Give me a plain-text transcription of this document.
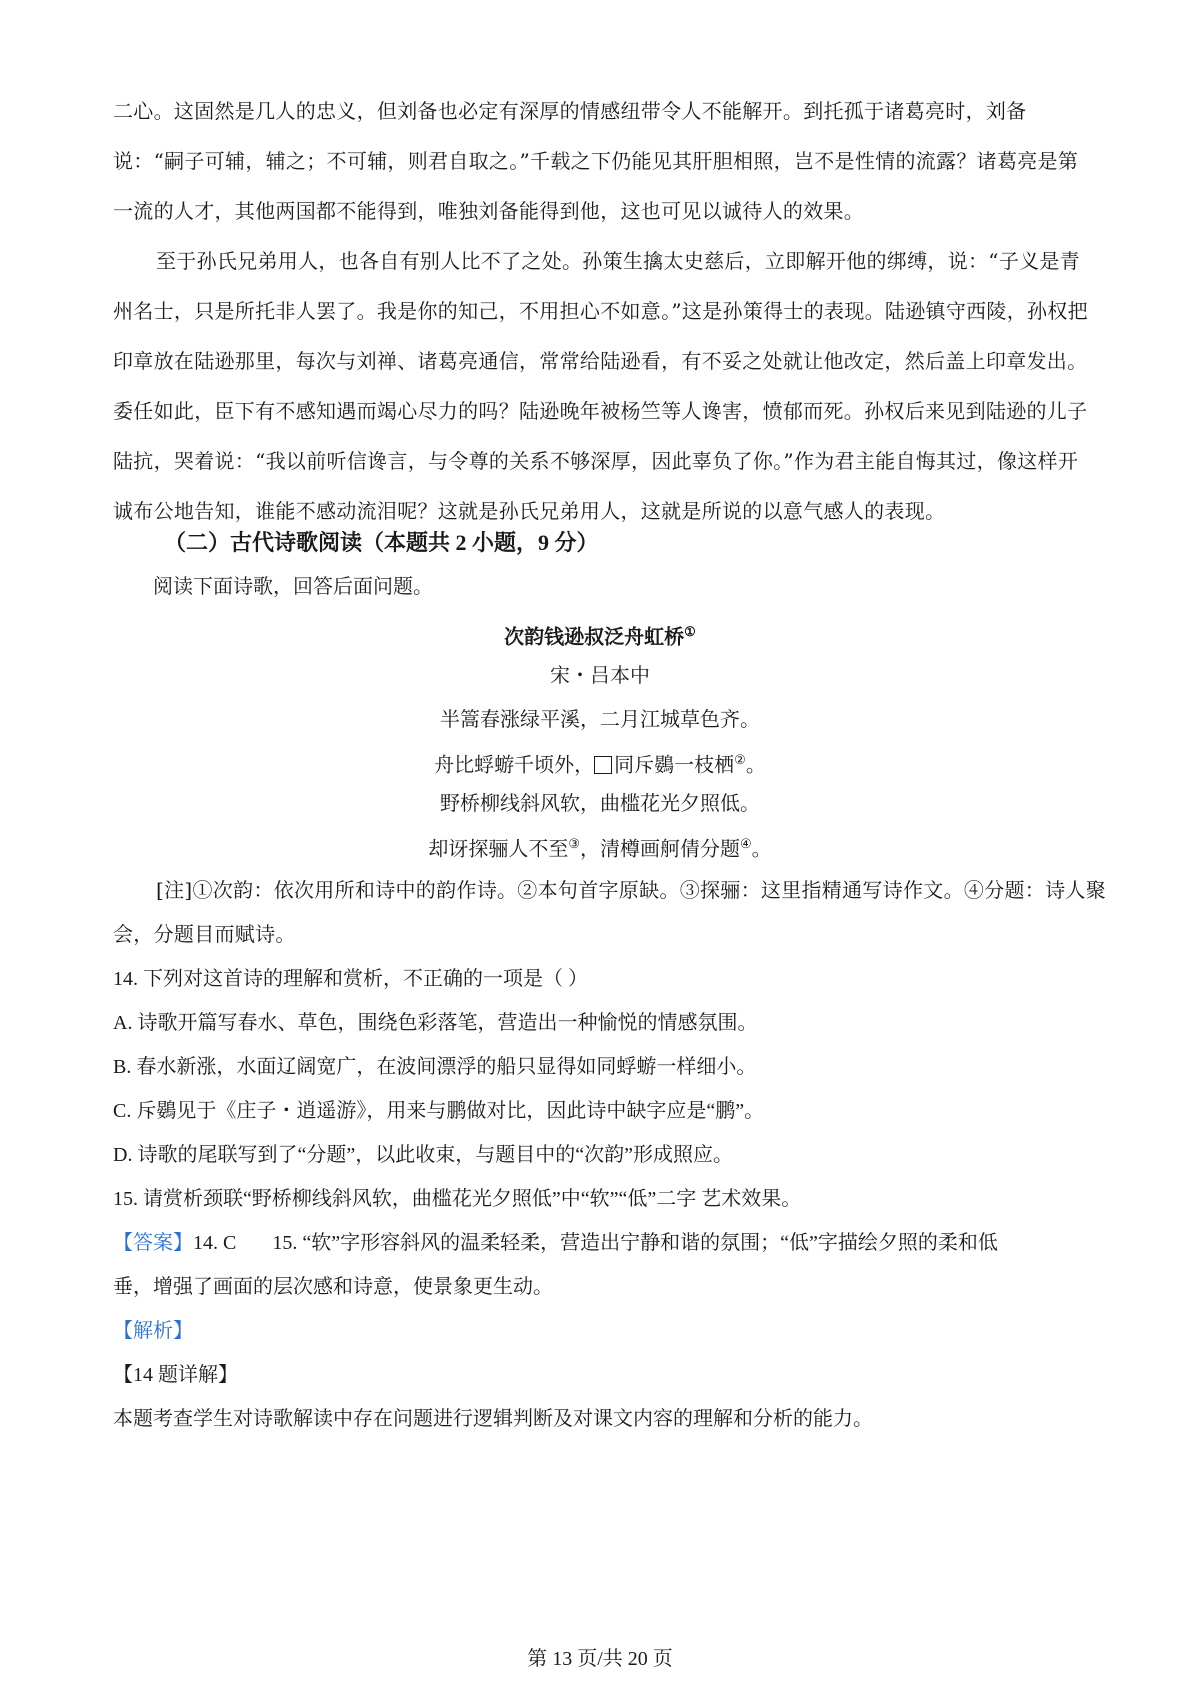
二心。这固然是几人的忠义，但刘备也必定有深厚的情感纽带令人不能解开。到托孤于诸葛亮时，刘备说：“嗣子可辅，辅之；不可辅，则君自取之。”千载之下仍能见其肝胆相照，岂不是性情的流露？诸葛亮是第一流的人才，其他两国都不能得到，唯独刘备能得到他，这也可见以诚待人的效果。

至于孙氏兄弟用人，也各自有别人比不了之处。孙策生擒太史慈后，立即解开他的绑缚，说：“子义是青州名士，只是所托非人罢了。我是你的知己，不用担心不如意。”这是孙策得士的表现。陆逊镇守西陵，孙权把印章放在陆逊那里，每次与刘禅、诸葛亮通信，常常给陆逊看，有不妥之处就让他改定，然后盖上印章发出。委任如此，臣下有不感知遇而竭心尽力的吗？陆逊晚年被杨竺等人谗害，愤郁而死。孙权后来见到陆逊的儿子陆抗，哭着说：“我以前听信谗言，与令尊的关系不够深厚，因此辜负了你。”作为君主能自悔其过，像这样开诚布公地告知，谁能不感动流泪呢？这就是孙氏兄弟用人，这就是所说的以意气感人的表现。

（二）古代诗歌阅读（本题共 2 小题，9 分）
阅读下面诗歌，回答后面问题。
次韵钱逊叔泛舟虹桥①
宋・吕本中
半篙春涨绿平溪，二月江城草色齐。
舟比蜉蝣千顷外， 同斥鷃一枝栖②。
野桥柳线斜风软，曲槛花光夕照低。
却讶探骊人不至③，清樽画舸倩分题④。

[注]①次韵：依次用所和诗中的韵作诗。②本句首字原缺。③探骊：这里指精通写诗作文。④分题：诗人聚会，分题目而赋诗。

14. 下列对这首诗的理解和赏析，不正确的一项是（ ）
A. 诗歌开篇写春水、草色，围绕色彩落笔，营造出一种愉悦的情感氛围。
B. 春水新涨，水面辽阔宽广，在波间漂浮的船只显得如同蜉蝣一样细小。
C. 斥鷃见于《庄子・逍遥游》，用来与鹏做对比，因此诗中缺字应是“鹏”。
D. 诗歌的尾联写到了“分题”，以此收束，与题目中的“次韵”形成照应。
15. 请赏析颈联“野桥柳线斜风软，曲槛花光夕照低”中“软”“低”二字 艺术效果。
【答案】14. C 15. “软”字形容斜风的温柔轻柔，营造出宁静和谐的氛围；“低”字描绘夕照的柔和低
垂，增强了画面的层次感和诗意，使景象更生动。
【解析】
【14 题详解】
本题考查学生对诗歌解读中存在问题进行逻辑判断及对课文内容的理解和分析的能力。
第 13 页/共 20 页
